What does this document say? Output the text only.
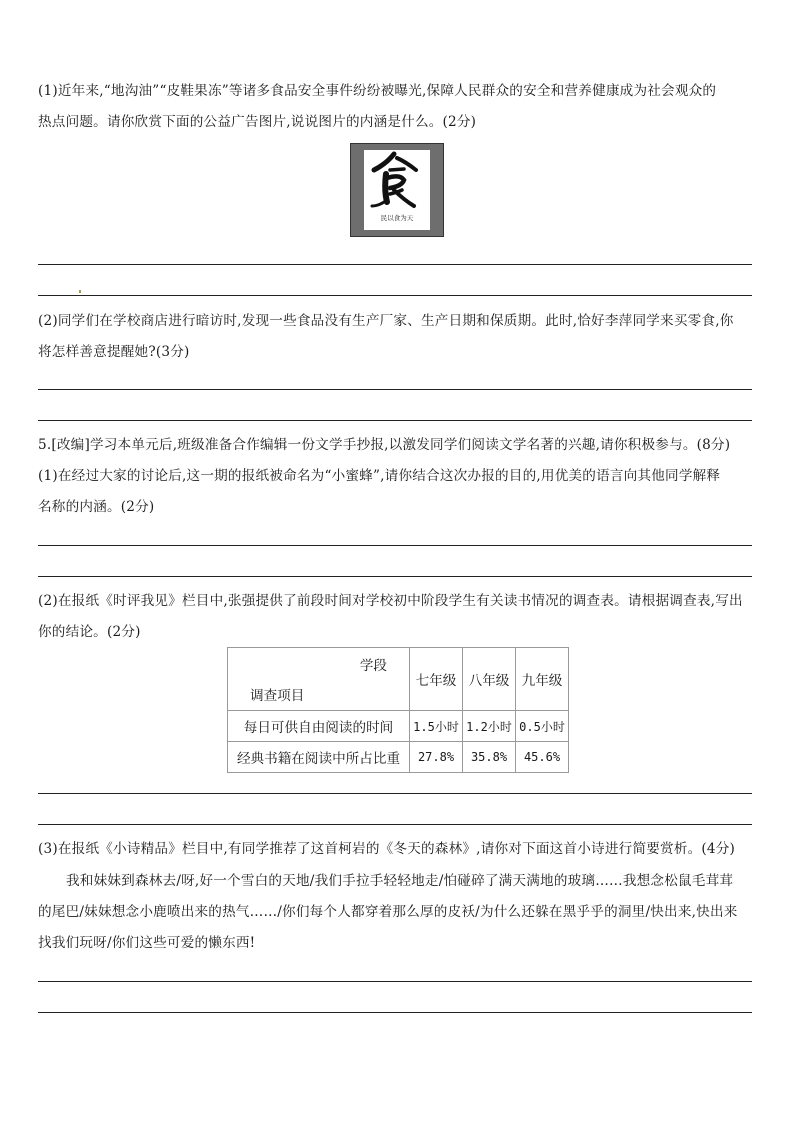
(1)近年来,“地沟油”“皮鞋果冻”等诸多食品安全事件纷纷被曝光,保障人民群众的安全和营养健康成为社会观众的

热点问题。请你欣赏下面的公益广告图片,说说图片的内涵是什么。(2分)

民以食为天

(2)同学们在学校商店进行暗访时,发现一些食品没有生产厂家、生产日期和保质期。此时,恰好李萍同学来买零食,你

将怎样善意提醒她?(3分)

5.[改编]学习本单元后,班级准备合作编辑一份文学手抄报,以激发同学们阅读文学名著的兴趣,请你积极参与。(8分)

(1)在经过大家的讨论后,这一期的报纸被命名为“小蜜蜂”,请你结合这次办报的目的,用优美的语言向其他同学解释

名称的内涵。(2分)

(2)在报纸《时评我见》栏目中,张强提供了前段时间对学校初中阶段学生有关读书情况的调查表。请根据调查表,写出

你的结论。(2分)

学段
调查项目	七年级	八年级	九年级
每日可供自由阅读的时间	1.5小时	1.2小时	0.5小时
经典书籍在阅读中所占比重	27.8%	35.8%	45.6%

(3)在报纸《小诗精品》栏目中,有同学推荐了这首柯岩的《冬天的森林》,请你对下面这首小诗进行简要赏析。(4分)

我和妹妹到森林去/呀,好一个雪白的天地/我们手拉手轻轻地走/怕碰碎了满天满地的玻璃……我想念松鼠毛茸茸

的尾巴/妹妹想念小鹿喷出来的热气……/你们每个人都穿着那么厚的皮袄/为什么还躲在黑乎乎的洞里/快出来,快出来

找我们玩呀/你们这些可爱的懒东西!
